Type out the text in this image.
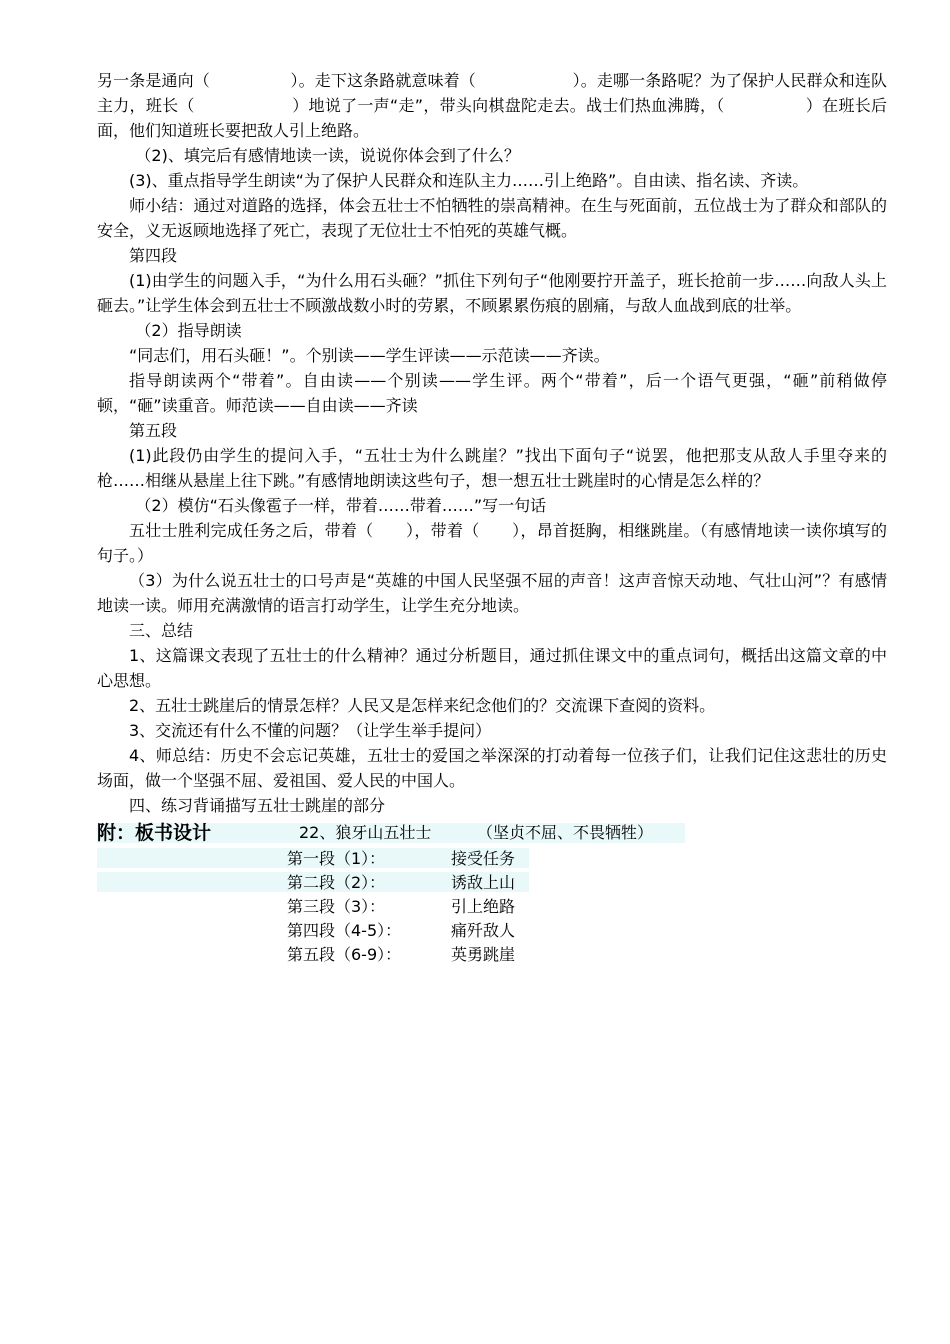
另一条是通向（　　　　　）。走下这条路就意味着（　　　　　　）。走哪一条路呢？为了保护人民群众和连队主力，班长（　　　　　　）地说了一声“走”，带头向棋盘陀走去。战士们热血沸腾，（　　　　　）在班长后面，他们知道班长要把敌人引上绝路。

（2)、填完后有感情地读一读，说说你体会到了什么？

(3)、重点指导学生朗读“为了保护人民群众和连队主力……引上绝路”。自由读、指名读、齐读。

师小结：通过对道路的选择，体会五壮士不怕牺牲的崇高精神。在生与死面前，五位战士为了群众和部队的安全，义无返顾地选择了死亡，表现了无位壮士不怕死的英雄气概。

第四段

(1)由学生的问题入手，“为什么用石头砸？”抓住下列句子“他刚要拧开盖子，班长抢前一步……向敌人头上砸去。”让学生体会到五壮士不顾激战数小时的劳累，不顾累累伤痕的剧痛，与敌人血战到底的壮举。

（2）指导朗读

“同志们，用石头砸！”。个别读——学生评读——示范读——齐读。

指导朗读两个“带着”。自由读——个别读——学生评。两个“带着”，后一个语气更强，“砸”前稍做停顿，“砸”读重音。师范读——自由读——齐读

第五段

(1)此段仍由学生的提问入手，“五壮士为什么跳崖？”找出下面句子“说罢，他把那支从敌人手里夺来的枪……相继从悬崖上往下跳。”有感情地朗读这些句子，想一想五壮士跳崖时的心情是怎么样的？

（2）模仿“石头像雹子一样，带着……带着……”写一句话

五壮士胜利完成任务之后，带着（　　），带着（　　），昂首挺胸，相继跳崖。（有感情地读一读你填写的句子。）

（3）为什么说五壮士的口号声是“英雄的中国人民坚强不屈的声音！这声音惊天动地、气壮山河”？有感情地读一读。师用充满激情的语言打动学生，让学生充分地读。

三、总结

1、这篇课文表现了五壮士的什么精神？通过分析题目，通过抓住课文中的重点词句，概括出这篇文章的中心思想。

2、五壮士跳崖后的情景怎样？人民又是怎样来纪念他们的？交流课下查阅的资料。

3、交流还有什么不懂的问题？（让学生举手提问）

4、师总结：历史不会忘记英雄，五壮士的爱国之举深深的打动着每一位孩子们，让我们记住这悲壮的历史场面，做一个坚强不屈、爱祖国、爱人民的中国人。

四、练习背诵描写五壮士跳崖的部分

附：板书设计	22、狼牙山五壮士	（坚贞不屈、不畏牺牲）
第一段（1）：	接受任务
第二段（2）：	诱敌上山
第三段（3）：	引上绝路
第四段（4-5）：	痛歼敌人
第五段（6-9）：	英勇跳崖
